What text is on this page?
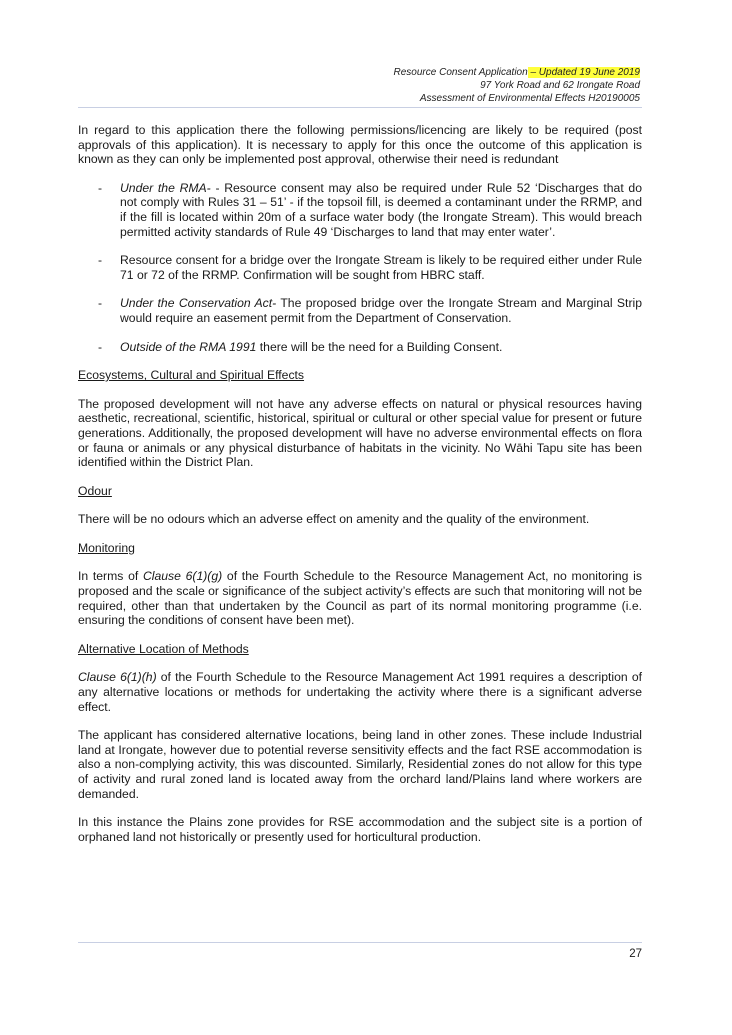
Resource Consent Application – Updated 19 June 2019
97 York Road and 62 Irongate Road
Assessment of Environmental Effects H20190005

In regard to this application there the following permissions/licencing are likely to be required (post approvals of this application). It is necessary to apply for this once the outcome of this application is known as they can only be implemented post approval, otherwise their need is redundant

- Under the RMA- - Resource consent may also be required under Rule 52 ‘Discharges that do not comply with Rules 31 – 51’ - if the topsoil fill, is deemed a contaminant under the RRMP, and if the fill is located within 20m of a surface water body (the Irongate Stream). This would breach permitted activity standards of Rule 49 ‘Discharges to land that may enter water’.
- Resource consent for a bridge over the Irongate Stream is likely to be required either under Rule 71 or 72 of the RRMP. Confirmation will be sought from HBRC staff.
- Under the Conservation Act- The proposed bridge over the Irongate Stream and Marginal Strip would require an easement permit from the Department of Conservation.
- Outside of the RMA 1991 there will be the need for a Building Consent.
Ecosystems, Cultural and Spiritual Effects

The proposed development will not have any adverse effects on natural or physical resources having aesthetic, recreational, scientific, historical, spiritual or cultural or other special value for present or future generations. Additionally, the proposed development will have no adverse environmental effects on flora or fauna or animals or any physical disturbance of habitats in the vicinity. No Wāhi Tapu site has been identified within the District Plan.

Odour

There will be no odours which an adverse effect on amenity and the quality of the environment.

Monitoring

In terms of Clause 6(1)(g) of the Fourth Schedule to the Resource Management Act, no monitoring is proposed and the scale or significance of the subject activity’s effects are such that monitoring will not be required, other than that undertaken by the Council as part of its normal monitoring programme (i.e. ensuring the conditions of consent have been met).

Alternative Location of Methods

Clause 6(1)(h) of the Fourth Schedule to the Resource Management Act 1991 requires a description of any alternative locations or methods for undertaking the activity where there is a significant adverse effect.

The applicant has considered alternative locations, being land in other zones. These include Industrial land at Irongate, however due to potential reverse sensitivity effects and the fact RSE accommodation is also a non-complying activity, this was discounted. Similarly, Residential zones do not allow for this type of activity and rural zoned land is located away from the orchard land/Plains land where workers are demanded.

In this instance the Plains zone provides for RSE accommodation and the subject site is a portion of orphaned land not historically or presently used for horticultural production.

27
